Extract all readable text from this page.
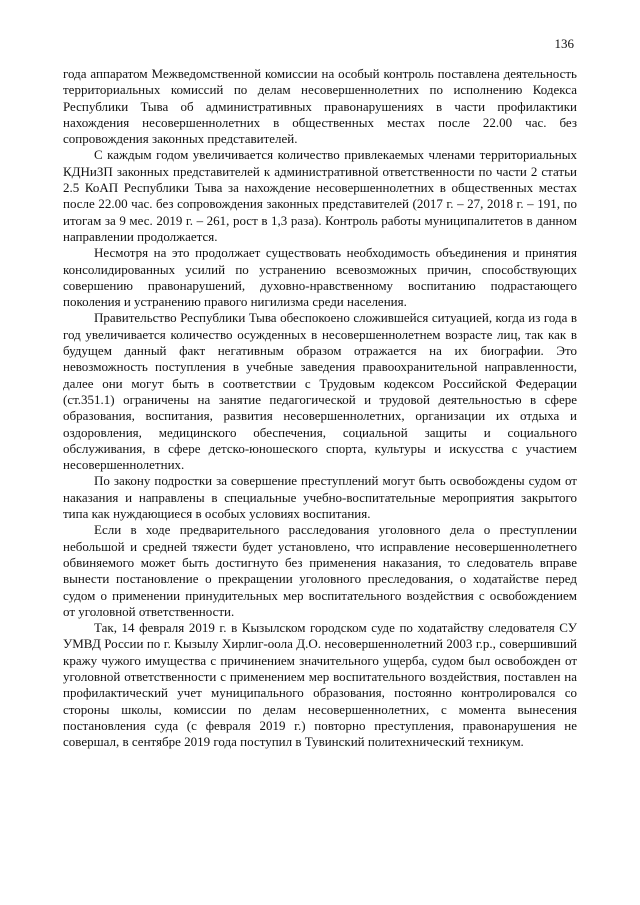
136

года аппаратом Межведомственной комиссии на особый контроль поставлена деятельность территориальных комиссий по делам несовершеннолетних по исполнению Кодекса Республики Тыва об административных правонарушениях в части профилактики нахождения несовершеннолетних в общественных местах после 22.00 час. без сопровождения законных представителей.

С каждым годом увеличивается количество привлекаемых членами территориальных КДНиЗП законных представителей к административной ответственности по части 2 статьи 2.5 КоАП Республики Тыва за нахождение несовершеннолетних в общественных местах после 22.00 час. без сопровождения законных представителей (2017 г. – 27, 2018 г. – 191, по итогам за 9 мес. 2019 г. – 261, рост в 1,3 раза). Контроль работы муниципалитетов в данном направлении продолжается.

Несмотря на это продолжает существовать необходимость объединения и принятия консолидированных усилий по устранению всевозможных причин, способствующих совершению правонарушений, духовно-нравственному воспитанию подрастающего поколения и устранению правого нигилизма среди населения.

Правительство Республики Тыва обеспокоено сложившейся ситуацией, когда из года в год увеличивается количество осужденных в несовершеннолетнем возрасте лиц, так как в будущем данный факт негативным образом отражается на их биографии. Это невозможность поступления в учебные заведения правоохранительной направленности, далее они могут быть в соответствии с Трудовым кодексом Российской Федерации (ст.351.1) ограничены на занятие педагогической и трудовой деятельностью в сфере образования, воспитания, развития несовершеннолетних, организации их отдыха и оздоровления, медицинского обеспечения, социальной защиты и социального обслуживания, в сфере детско-юношеского спорта, культуры и искусства с участием несовершеннолетних.

По закону подростки за совершение преступлений могут быть освобождены судом от наказания и направлены в специальные учебно-воспитательные мероприятия закрытого типа как нуждающиеся в особых условиях воспитания.

Если в ходе предварительного расследования уголовного дела о преступлении небольшой и средней тяжести будет установлено, что исправление несовершеннолетнего обвиняемого может быть достигнуто без применения наказания, то следователь вправе вынести постановление о прекращении уголовного преследования, о ходатайстве перед судом о применении принудительных мер воспитательного воздействия с освобождением от уголовной ответственности.

Так, 14 февраля 2019 г. в Кызылском городском суде по ходатайству следователя СУ УМВД России по г. Кызылу Хирлиг-оола Д.О. несовершеннолетний 2003 г.р., совершивший кражу чужого имущества с причинением значительного ущерба, судом был освобожден от уголовной ответственности с применением мер воспитательного воздействия, поставлен на профилактический учет муниципального образования, постоянно контролировался со стороны школы, комиссии по делам несовершеннолетних, с момента вынесения постановления суда (с февраля 2019 г.) повторно преступления, правонарушения не совершал, в сентябре 2019 года поступил в Тувинский политехнический техникум.
